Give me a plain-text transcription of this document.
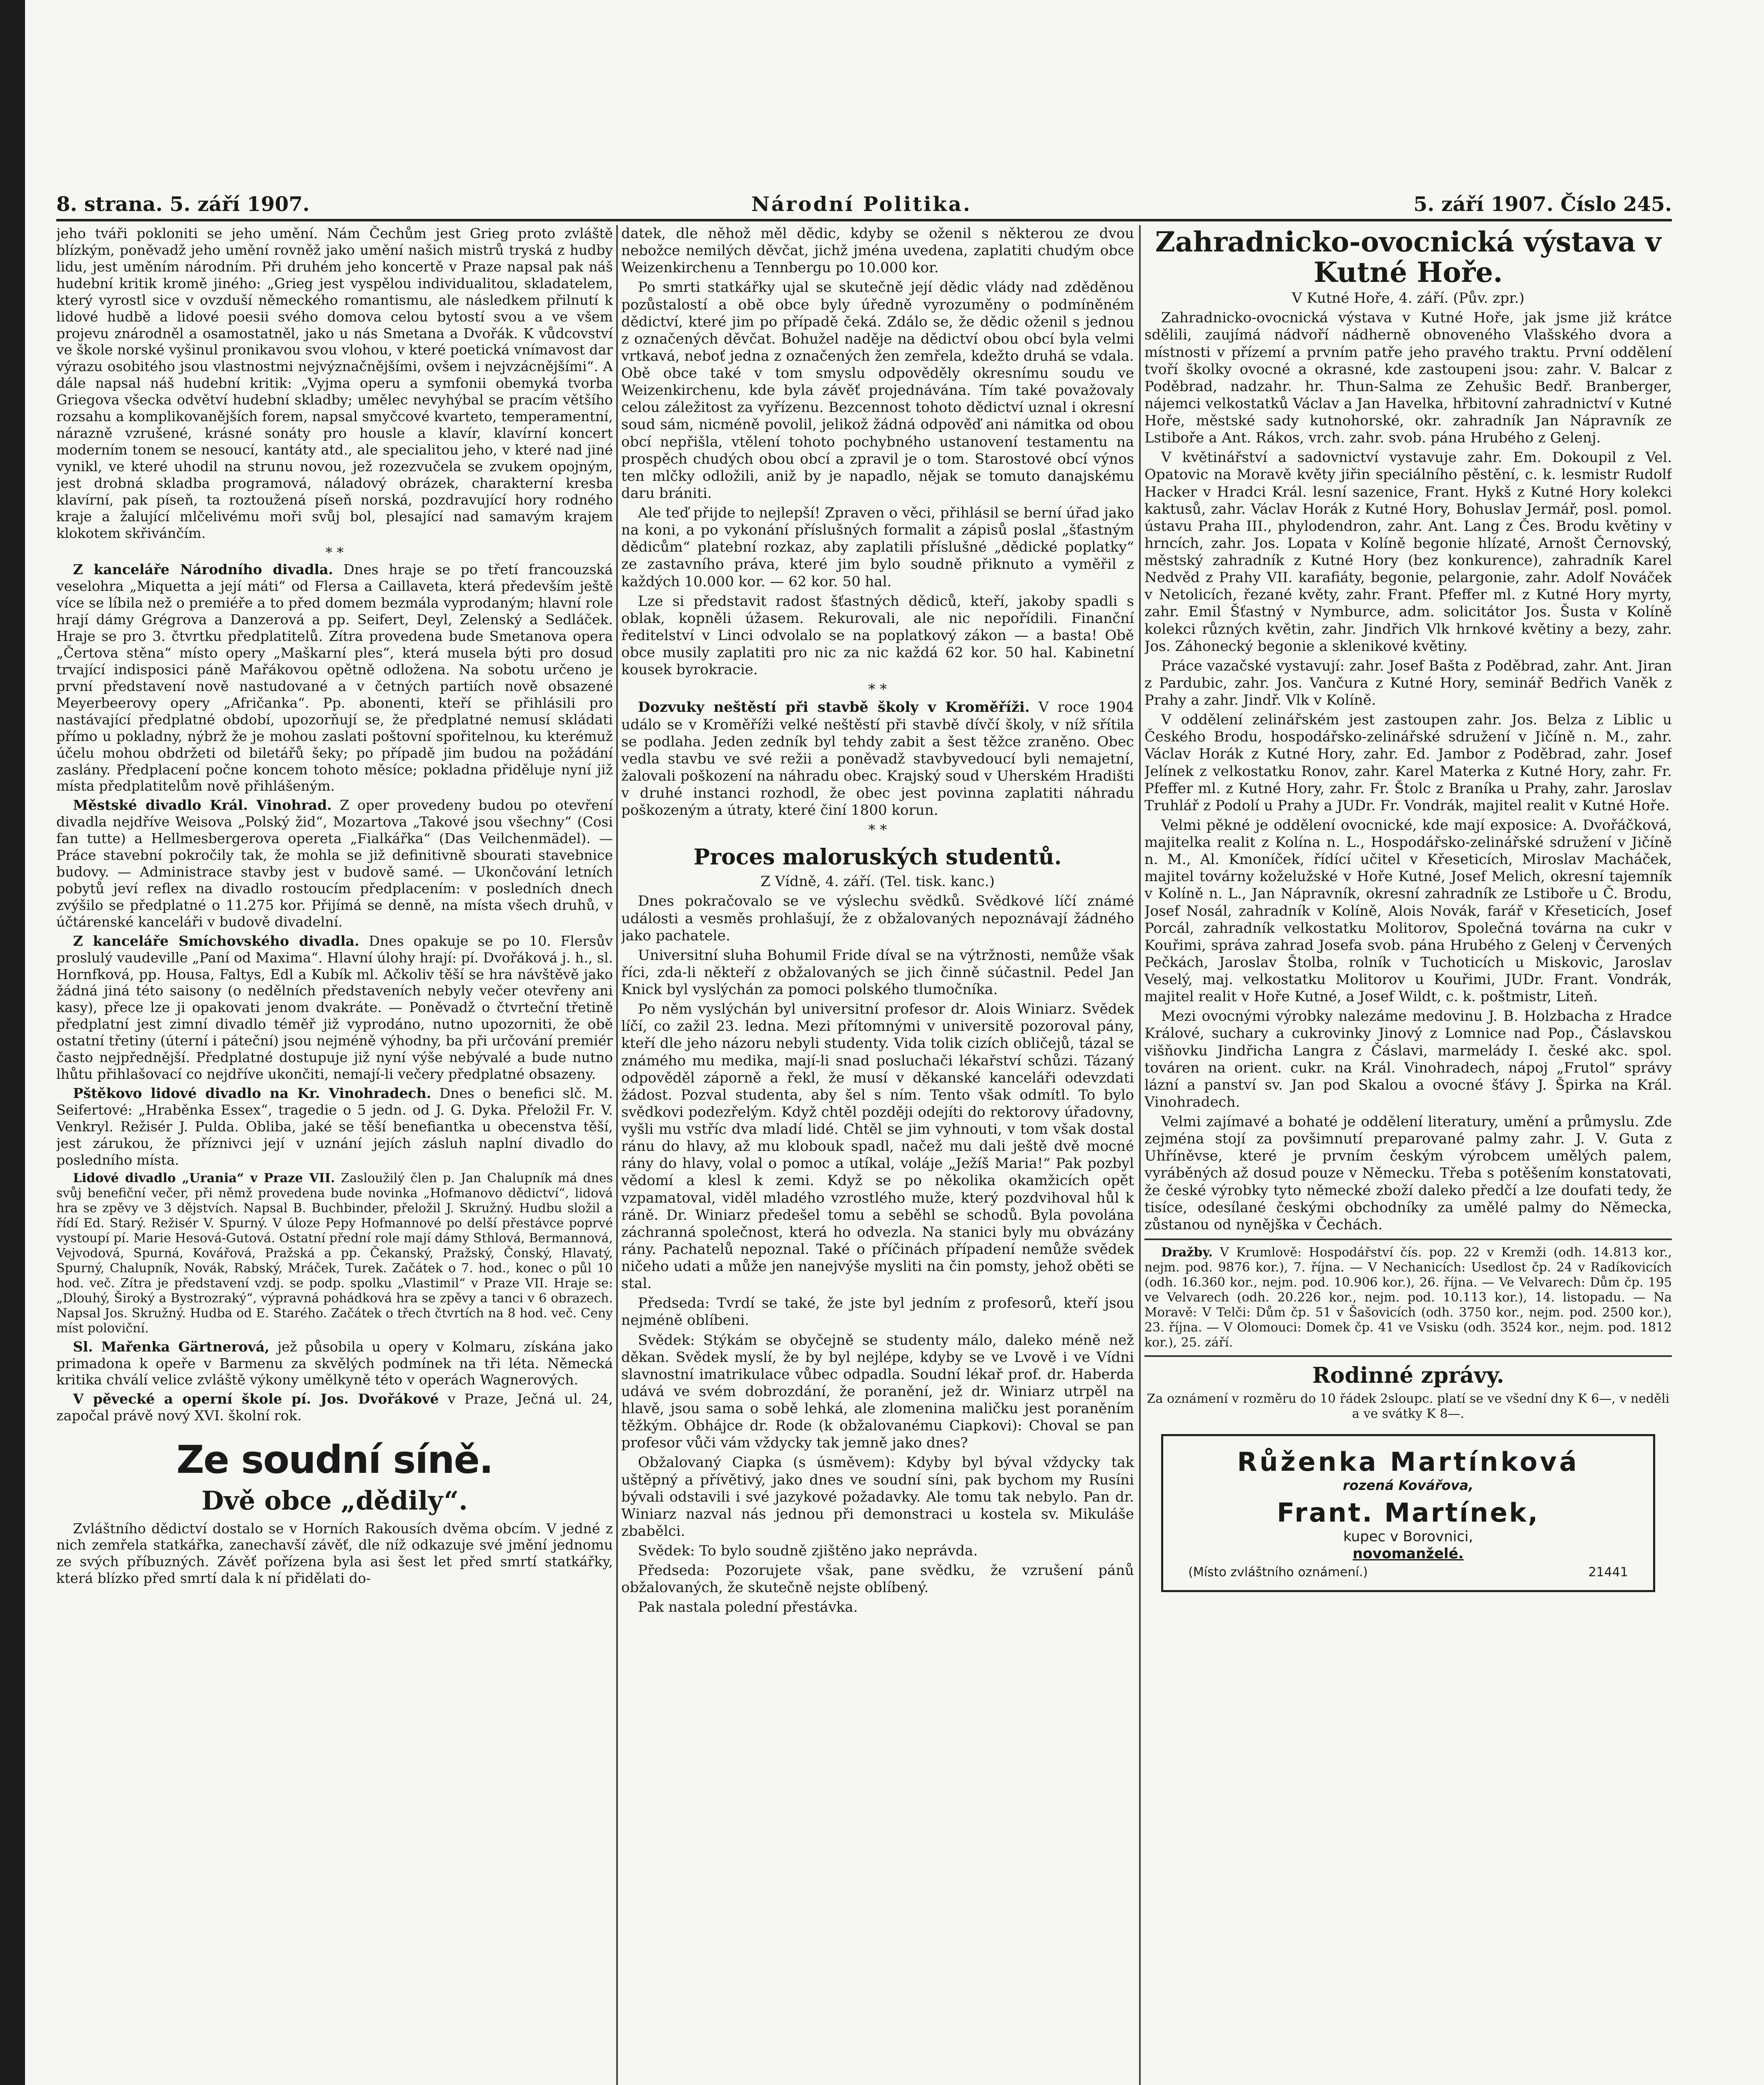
8. strana. 5. září 1907.	Národní Politika.	5. září 1907. Číslo 245.

jeho tváři pokloniti se jeho umění. Nám Čechům jest Grieg proto zvláště blízkým, poněvadž jeho umění rovněž jako umění našich mistrů tryská z hudby lidu, jest uměním národním. Při druhém jeho koncertě v Praze napsal pak náš hudební kritik kromě jiného: „Grieg jest vyspělou individualitou, skladatelem, který vyrostl sice v ovzduší německého romantismu, ale následkem přilnutí k lidové hudbě a lidové poesii svého domova celou bytostí svou a ve všem projevu znárodněl a osamostatněl, jako u nás Smetana a Dvořák. K vůdcovství ve škole norské vyšinul pronikavou svou vlohou, v které poetická vnímavost dar výrazu osobitého jsou vlastnostmi nejvýznačnějšími, ovšem i nejvzácnějšími“. A dále napsal náš hudební kritik: „Vyjma operu a symfonii obemyká tvorba Griegova všecka odvětví hudební skladby; umělec nevyhýbal se pracím většího rozsahu a komplikovanějších forem, napsal smyčcové kvarteto, temperamentní, nárazně vzrušené, krásné sonáty pro housle a klavír, klavírní koncert moderním tonem se nesoucí, kantáty atd., ale specialitou jeho, v které nad jiné vynikl, ve které uhodil na strunu novou, jež rozezvučela se zvukem opojným, jest drobná skladba programová, náladový obrázek, charakterní kresba klavírní, pak píseň, ta roztoužená píseň norská, pozdravující hory rodného kraje a žalující mlčelivému moři svůj bol, plesající nad samavým krajem klokotem skřivánčím.

* *

Z kanceláře Národního divadla. Dnes hraje se po třetí francouzská veselohra „Miquetta a její máti“ od Flersa a Caillaveta, která především ještě více se líbila než o premiéře a to před domem bezmála vyprodaným; hlavní role hrají dámy Grégrova a Danzerová a pp. Seifert, Deyl, Zelenský a Sedláček. Hraje se pro 3. čtvrtku předplatitelů. Zítra provedena bude Smetanova opera „Čertova stěna“ místo opery „Maškarní ples“, která musela býti pro dosud trvající indisposici páně Mařákovou opětně odložena. Na sobotu určeno je první představení nově nastudované a v četných partiích nově obsazené Meyerbeerovy opery „Afričanka“. Pp. abonenti, kteří se přihlásili pro nastávající předplatné období, upozorňují se, že předplatné nemusí skládati přímo u pokladny, nýbrž že je mohou zaslati poštovní spořitelnou, ku kterémuž účelu mohou obdržeti od biletářů šeky; po případě jim budou na požádání zaslány. Předplacení počne koncem tohoto měsíce; pokladna přiděluje nyní již místa předplatitelům nově přihlášeným.

Městské divadlo Král. Vinohrad. Z oper provedeny budou po otevření divadla nejdříve Weisova „Polský žid“, Mozartova „Takové jsou všechny“ (Cosi fan tutte) a Hellmesbergerova opereta „Fialkářka“ (Das Veilchenmädel). — Práce stavební pokročily tak, že mohla se již definitivně sbourati stavebnice budovy. — Administrace stavby jest v budově samé. — Ukončování letních pobytů jeví reflex na divadlo rostoucím předplacením: v posledních dnech zvýšilo se předplatné o 11.275 kor. Přijímá se denně, na místa všech druhů, v účtárenské kanceláři v budově divadelní.

Z kanceláře Smíchovského divadla. Dnes opakuje se po 10. Flersův proslulý vaudeville „Paní od Maxima“. Hlavní úlohy hrají: pí. Dvořáková j. h., sl. Hornfková, pp. Housa, Faltys, Edl a Kubík ml. Ačkoliv těší se hra návštěvě jako žádná jiná této saisony (o nedělních představeních nebyly večer otevřeny ani kasy), přece lze ji opakovati jenom dvakráte. — Poněvadž o čtvrteční třetině předplatní jest zimní divadlo téměř již vyprodáno, nutno upozorniti, že obě ostatní třetiny (úterní i páteční) jsou nejméně výhodny, ba při určování premiér často nejpřednější. Předplatné dostupuje již nyní výše nebývalé a bude nutno lhůtu přihlašovací co nejdříve ukončiti, nemají-li večery předplatné obsazeny.

Pštěkovo lidové divadlo na Kr. Vinohradech. Dnes o benefici slč. M. Seifertové: „Hraběnka Essex“, tragedie o 5 jedn. od J. G. Dyka. Přeložil Fr. V. Venkryl. Režisér J. Pulda. Obliba, jaké se těší benefiantka u obecenstva těší, jest zárukou, že příznivci její v uznání jejích zásluh naplní divadlo do posledního místa.

Lidové divadlo „Urania“ v Praze VII. Zasloužilý člen p. Jan Chalupník má dnes svůj benefiční večer, při němž provedena bude novinka „Hofmanovo dědictví“, lidová hra se zpěvy ve 3 dějstvích. Napsal B. Buchbinder, přeložil J. Skružný. Hudbu složil a řídí Ed. Starý. Režisér V. Spurný. V úloze Pepy Hofmannové po delší přestávce poprvé vystoupí pí. Marie Hesová-Gutová. Ostatní přední role mají dámy Sthlová, Bermannová, Vejvodová, Spurná, Kovářová, Pražská a pp. Čekanský, Pražský, Čonský, Hlavatý, Spurný, Chalupník, Novák, Rabský, Mráček, Turek. Začátek o 7. hod., konec o půl 10 hod. več. Zítra je představení vzdj. se podp. spolku „Vlastimil“ v Praze VII. Hraje se: „Dlouhý, Široký a Bystrozraký“, výpravná pohádková hra se zpěvy a tanci v 6 obrazech. Napsal Jos. Skružný. Hudba od E. Starého. Začátek o třech čtvrtích na 8 hod. več. Ceny míst poloviční.

Sl. Mařenka Gärtnerová, jež působila u opery v Kolmaru, získána jako primadona k opeře v Barmenu za skvělých podmínek na tři léta. Německá kritika chválí velice zvláště výkony umělkyně této v operách Wagnerových.

V pěvecké a operní škole pí. Jos. Dvořákové v Praze, Ječná ul. 24, započal právě nový XVI. školní rok.

Ze soudní síně.
Dvě obce „dědily“.

Zvláštního dědictví dostalo se v Horních Rakousích dvěma obcím. V jedné z nich zemřela statkářka, zanechavší závěť, dle níž odkazuje své jmění jednomu ze svých příbuzných. Závěť pořízena byla asi šest let před smrtí statkářky, která blízko před smrtí dala k ní přidělati do-

datek, dle něhož měl dědic, kdyby se oženil s některou ze dvou nebožce nemilých děvčat, jichž jména uvedena, zaplatiti chudým obce Weizenkirchenu a Tennbergu po 10.000 kor.

Po smrti statkářky ujal se skutečně její dědic vlády nad zděděnou pozůstalostí a obě obce byly úředně vyrozuměny o podmíněném dědictví, které jim po případě čeká. Zdálo se, že dědic oženil s jednou z označených děvčat. Bohužel naděje na dědictví obou obcí byla velmi vrtkavá, neboť jedna z označených žen zemřela, kdežto druhá se vdala. Obě obce také v tom smyslu odpověděly okresnímu soudu ve Weizenkirchenu, kde byla závěť projednávána. Tím také považovaly celou záležitost za vyřízenu. Bezcennost tohoto dědictví uznal i okresní soud sám, nicméně povolil, jelikož žádná odpověď ani námitka od obou obcí nepřišla, vtělení tohoto pochybného ustanovení testamentu na prospěch chudých obou obcí a zpravil je o tom. Starostové obcí výnos ten mlčky odložili, aniž by je napadlo, nějak se tomuto danajskému daru brániti.

Ale teď přijde to nejlepší! Zpraven o věci, přihlásil se berní úřad jako na koni, a po vykonání příslušných formalit a zápisů poslal „šťastným dědicům“ platební rozkaz, aby zaplatili příslušné „dědické poplatky“ ze zastavního práva, které jim bylo soudně přiknuto a vyměřil z každých 10.000 kor. — 62 kor. 50 hal.

Lze si představit radost šťastných dědiců, kteří, jakoby spadli s oblak, kopněli úžasem. Rekurovali, ale nic nepořídili. Finanční ředitelství v Linci odvolalo se na poplatkový zákon — a basta! Obě obce musily zaplatiti pro nic za nic každá 62 kor. 50 hal. Kabinetní kousek byrokracie.

* *

Dozvuky neštěstí při stavbě školy v Kroměříži. V roce 1904 událo se v Kroměříži velké neštěstí při stavbě dívčí školy, v níž sřítila se podlaha. Jeden zedník byl tehdy zabit a šest těžce zraněno. Obec vedla stavbu ve své režii a poněvadž stavbyvedoucí byli nemajetní, žalovali poškození na náhradu obec. Krajský soud v Uherském Hradišti v druhé instanci rozhodl, že obec jest povinna zaplatiti náhradu poškozeným a útraty, které činí 1800 korun.

* *
Proces maloruských studentů.
Z Vídně, 4. září. (Tel. tisk. kanc.)

Dnes pokračovalo se ve výslechu svědků. Svědkové líčí známé události a vesměs prohlašují, že z obžalovaných nepoznávají žádného jako pachatele.

Universitní sluha Bohumil Fride díval se na výtržnosti, nemůže však říci, zda-li někteří z obžalovaných se jich činně súčastnil. Pedel Jan Knick byl vyslýchán za pomoci polského tlumočníka.

Po něm vyslýchán byl universitní profesor dr. Alois Winiarz. Svědek líčí, co zažil 23. ledna. Mezi přítomnými v universitě pozoroval pány, kteří dle jeho názoru nebyli studenty. Vida tolik cizích obličejů, tázal se známého mu medika, mají-li snad posluchači lékařství schůzi. Tázaný odpověděl záporně a řekl, že musí v děkanské kanceláři odevzdati žádost. Pozval studenta, aby šel s ním. Tento však odmítl. To bylo svědkovi podezřelým. Když chtěl později odejíti do rektorovy úřadovny, vyšli mu vstříc dva mladí lidé. Chtěl se jim vyhnouti, v tom však dostal ránu do hlavy, až mu klobouk spadl, načež mu dali ještě dvě mocné rány do hlavy, volal o pomoc a utíkal, voláje „Ježíš Maria!“ Pak pozbyl vědomí a klesl k zemi. Když se po několika okamžicích opět vzpamatoval, viděl mladého vzrostlého muže, který pozdvihoval hůl k ráně. Dr. Winiarz předešel tomu a seběhl se schodů. Byla povolána záchranná společnost, která ho odvezla. Na stanici byly mu obvázány rány. Pachatelů nepoznal. Také o příčinách případení nemůže svědek ničeho udati a může jen nanejvýše mysliti na čin pomsty, jehož oběti se stal.

Předseda: Tvrdí se také, že jste byl jedním z profesorů, kteří jsou nejméně oblíbeni.

Svědek: Stýkám se obyčejně se studenty málo, daleko méně než děkan. Svědek myslí, že by byl nejlépe, kdyby se ve Lvově i ve Vídni slavnostní imatrikulace vůbec odpadla. Soudní lékař prof. dr. Haberda udává ve svém dobrozdání, že poranění, jež dr. Winiarz utrpěl na hlavě, jsou sama o sobě lehká, ale zlomenina maličku jest poraněním těžkým. Obhájce dr. Rode (k obžalovanému Ciapkovi): Choval se pan profesor vůči vám vždycky tak jemně jako dnes?

Obžalovaný Ciapka (s úsměvem): Kdyby byl býval vždycky tak uštěpný a přívětivý, jako dnes ve soudní síni, pak bychom my Rusíni bývali odstavili i své jazykové požadavky. Ale tomu tak nebylo. Pan dr. Winiarz nazval nás jednou při demonstraci u kostela sv. Mikuláše zbabělci.

Svědek: To bylo soudně zjištěno jako neprávda.

Předseda: Pozorujete však, pane svědku, že vzrušení pánů obžalovaných, že skutečně nejste oblíbený.

Pak nastala polední přestávka.

Zahradnicko-ovocnická výstava v Kutné Hoře.
V Kutné Hoře, 4. září. (Pův. zpr.)

Zahradnicko-ovocnická výstava v Kutné Hoře, jak jsme již krátce sdělili, zaujímá nádvoří nádherně obnoveného Vlašského dvora a místnosti v přízemí a prvním patře jeho pravého traktu. První oddělení tvoří školky ovocné a okrasné, kde zastoupeni jsou: zahr. V. Balcar z Poděbrad, nadzahr. hr. Thun-Salma ze Zehušic Bedř. Branberger, nájemci velkostatků Václav a Jan Havelka, hřbitovní zahradnictví v Kutné Hoře, městské sady kutnohorské, okr. zahradník Jan Nápravník ze Lstiboře a Ant. Rákos, vrch. zahr. svob. pána Hrubého z Gelenj.

V květinářství a sadovnictví vystavuje zahr. Em. Dokoupil z Vel. Opatovic na Moravě květy jiřin speciálního pěstění, c. k. lesmistr Rudolf Hacker v Hradci Král. lesní sazenice, Frant. Hykš z Kutné Hory kolekci kaktusů, zahr. Václav Horák z Kutné Hory, Bohuslav Jermář, posl. pomol. ústavu Praha III., phylodendron, zahr. Ant. Lang z Čes. Brodu květiny v hrncích, zahr. Jos. Lopata v Kolíně begonie hlízaté, Arnošt Černovský, městský zahradník z Kutné Hory (bez konkurence), zahradník Karel Nedvěd z Prahy VII. karafiáty, begonie, pelargonie, zahr. Adolf Nováček v Netolicích, řezané květy, zahr. Frant. Pfeffer ml. z Kutné Hory myrty, zahr. Emil Šťastný v Nymburce, adm. solicitátor Jos. Šusta v Kolíně kolekci různých květin, zahr. Jindřich Vlk hrnkové květiny a bezy, zahr. Jos. Záhonecký begonie a sklenikové květiny.

Práce vazačské vystavují: zahr. Josef Bašta z Poděbrad, zahr. Ant. Jiran z Pardubic, zahr. Jos. Vančura z Kutné Hory, seminář Bedřich Vaněk z Prahy a zahr. Jindř. Vlk v Kolíně.

V oddělení zelinářském jest zastoupen zahr. Jos. Belza z Liblic u Českého Brodu, hospodářsko-zelinářské sdružení v Jičíně n. M., zahr. Václav Horák z Kutné Hory, zahr. Ed. Jambor z Poděbrad, zahr. Josef Jelínek z velkostatku Ronov, zahr. Karel Materka z Kutné Hory, zahr. Fr. Pfeffer ml. z Kutné Hory, zahr. Fr. Štolc z Braníka u Prahy, zahr. Jaroslav Truhlář z Podolí u Prahy a JUDr. Fr. Vondrák, majitel realit v Kutné Hoře.

Velmi pěkné je oddělení ovocnické, kde mají exposice: A. Dvořáčková, majitelka realit z Kolína n. L., Hospodářsko-zelinářské sdružení v Jičíně n. M., Al. Kmoníček, řídící učitel v Křeseticích, Miroslav Macháček, majitel továrny koželužské v Hoře Kutné, Josef Melich, okresní tajemník v Kolíně n. L., Jan Nápravník, okresní zahradník ze Lstiboře u Č. Brodu, Josef Nosál, zahradník v Kolíně, Alois Novák, farář v Křeseticích, Josef Porcál, zahradník velkostatku Molitorov, Společná továrna na cukr v Kouřimi, správa zahrad Josefa svob. pána Hrubého z Gelenj v Červených Pečkách, Jaroslav Štolba, rolník v Tuchoticích u Miskovic, Jaroslav Veselý, maj. velkostatku Molitorov u Kouřimi, JUDr. Frant. Vondrák, majitel realit v Hoře Kutné, a Josef Wildt, c. k. poštmistr, Liteň.

Mezi ovocnými výrobky nalezáme medovinu J. B. Holzbacha z Hradce Králové, suchary a cukrovinky Jinový z Lomnice nad Pop., Čáslavskou višňovku Jindřicha Langra z Čáslavi, marmelády I. české akc. spol. továren na orient. cukr. na Král. Vinohradech, nápoj „Frutol“ správy lázní a panství sv. Jan pod Skalou a ovocné šťávy J. Špirka na Král. Vinohradech.

Velmi zajímavé a bohaté je oddělení literatury, umění a průmyslu. Zde zejména stojí za povšimnutí preparované palmy zahr. J. V. Guta z Uhříněvse, které je prvním českým výrobcem umělých palem, vyráběných až dosud pouze v Německu. Třeba s potěšením konstatovati, že české výrobky tyto německé zboží daleko předčí a lze doufati tedy, že tisíce, odesílané českými obchodníky za umělé palmy do Německa, zůstanou od nynějška v Čechách.

Dražby. V Krumlově: Hospodářství čís. pop. 22 v Kremži (odh. 14.813 kor., nejm. pod. 9876 kor.), 7. října. — V Nechanicích: Usedlost čp. 24 v Radíkovicích (odh. 16.360 kor., nejm. pod. 10.906 kor.), 26. října. — Ve Velvarech: Dům čp. 195 ve Velvarech (odh. 20.226 kor., nejm. pod. 10.113 kor.), 14. listopadu. — Na Moravě: V Telči: Dům čp. 51 v Šašovicích (odh. 3750 kor., nejm. pod. 2500 kor.), 23. října. — V Olomouci: Domek čp. 41 ve Vsisku (odh. 3524 kor., nejm. pod. 1812 kor.), 25. září.

Rodinné zprávy.

Za oznámení v rozměru do 10 řádek 2sloupc. platí se ve všední dny K 6—, v neděli a ve svátky K 8—.

Růženka Martínková
rozená Kovářova,
Frant. Martínek,
kupec v Borovnici,
novomanželé.
(Místo zvláštního oznámení.)	21441
